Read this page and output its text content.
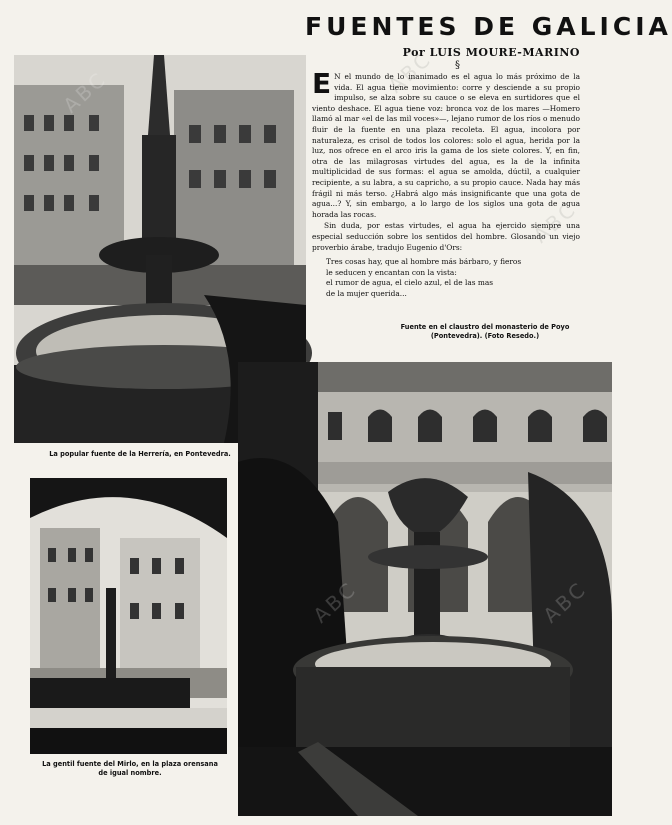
FUENTES DE GALICIA
Por LUIS MOURE-MARINO
§

E N el mundo de lo inanimado es el agua lo más próximo de la vida. El agua tiene movimiento: corre y desciende a su propio impulso, se alza sobre su cauce o se eleva en surtidores que el viento deshace. El agua tiene voz: bronca voz de los mares —Homero llamó al mar «el de las mil voces»—, lejano rumor de los ríos o menudo fluir de la fuente en una plaza recoleta. El agua, incolora por naturaleza, es crisol de todos los colores: solo el agua, herida por la luz, nos ofrece en el arco iris la gama de los siete colores. Y, en fin, otra de las milagrosas virtudes del agua, es la de la infinita multiplicidad de sus formas: el agua se amolda, dúctil, a cualquier recipiente, a su labra, a su capricho, a su propio cauce. Nada hay más frágil ni más terso. ¿Habrá algo más insignificante que una gota de agua...? Y, sin embargo, a lo largo de los siglos una gota de agua horada las rocas.

Sin duda, por estas virtudes, el agua ha ejercido siempre una especial seducción sobre los sentidos del hombre. Glosando un viejo proverbio árabe, tradujo Eugenio d'Ors:

Tres cosas hay, que al hombre más bárbaro, y fieros
le seducen y encantan con la vista:
el rumor de agua, el cielo azul, el de las mas
de la mujer querida...
La popular fuente de la Herrería, en Pontevedra.
La gentil fuente del Mirlo, en la plaza orensana de igual nombre.
Fuente en el claustro del monasterio de Poyo (Pontevedra). (Foto Resedo.)
ABC
ABC
